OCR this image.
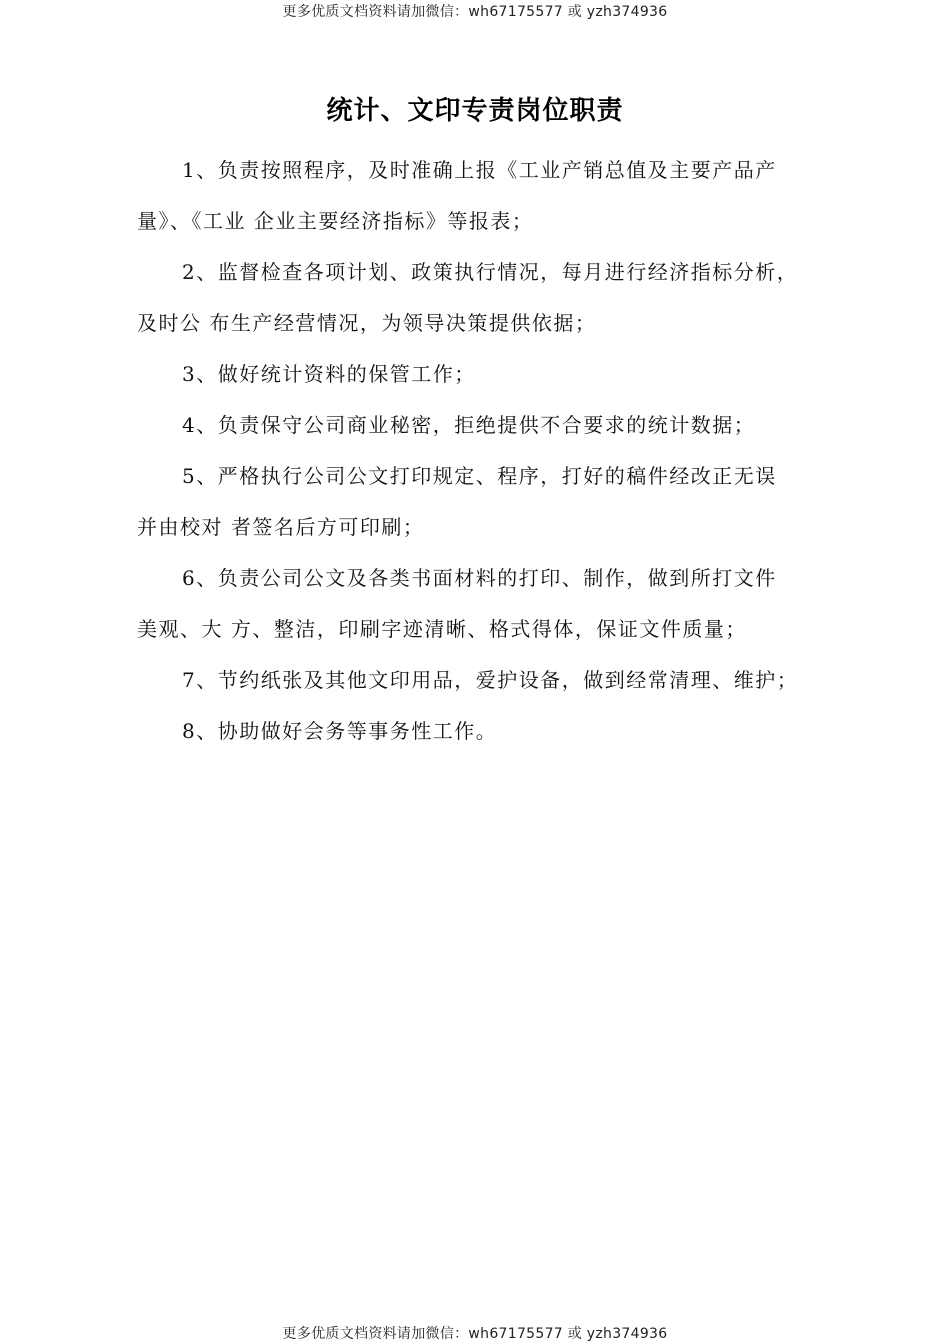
更多优质文档资料请加微信：wh67175577 或 yzh374936
统计、文印专责岗位职责
1、负责按照程序，及时准确上报《工业产销总值及主要产品产
量》、《工业 企业主要经济指标》等报表；
2、监督检查各项计划、政策执行情况，每月进行经济指标分析，
及时公 布生产经营情况，为领导决策提供依据；
3、做好统计资料的保管工作；
4、负责保守公司商业秘密，拒绝提供不合要求的统计数据；
5、严格执行公司公文打印规定、程序，打好的稿件经改正无误
并由校对 者签名后方可印刷；
6、负责公司公文及各类书面材料的打印、制作，做到所打文件
美观、大 方、整洁，印刷字迹清晰、格式得体，保证文件质量；
7、节约纸张及其他文印用品，爱护设备，做到经常清理、维护；
8、协助做好会务等事务性工作。
更多优质文档资料请加微信：wh67175577 或 yzh374936
